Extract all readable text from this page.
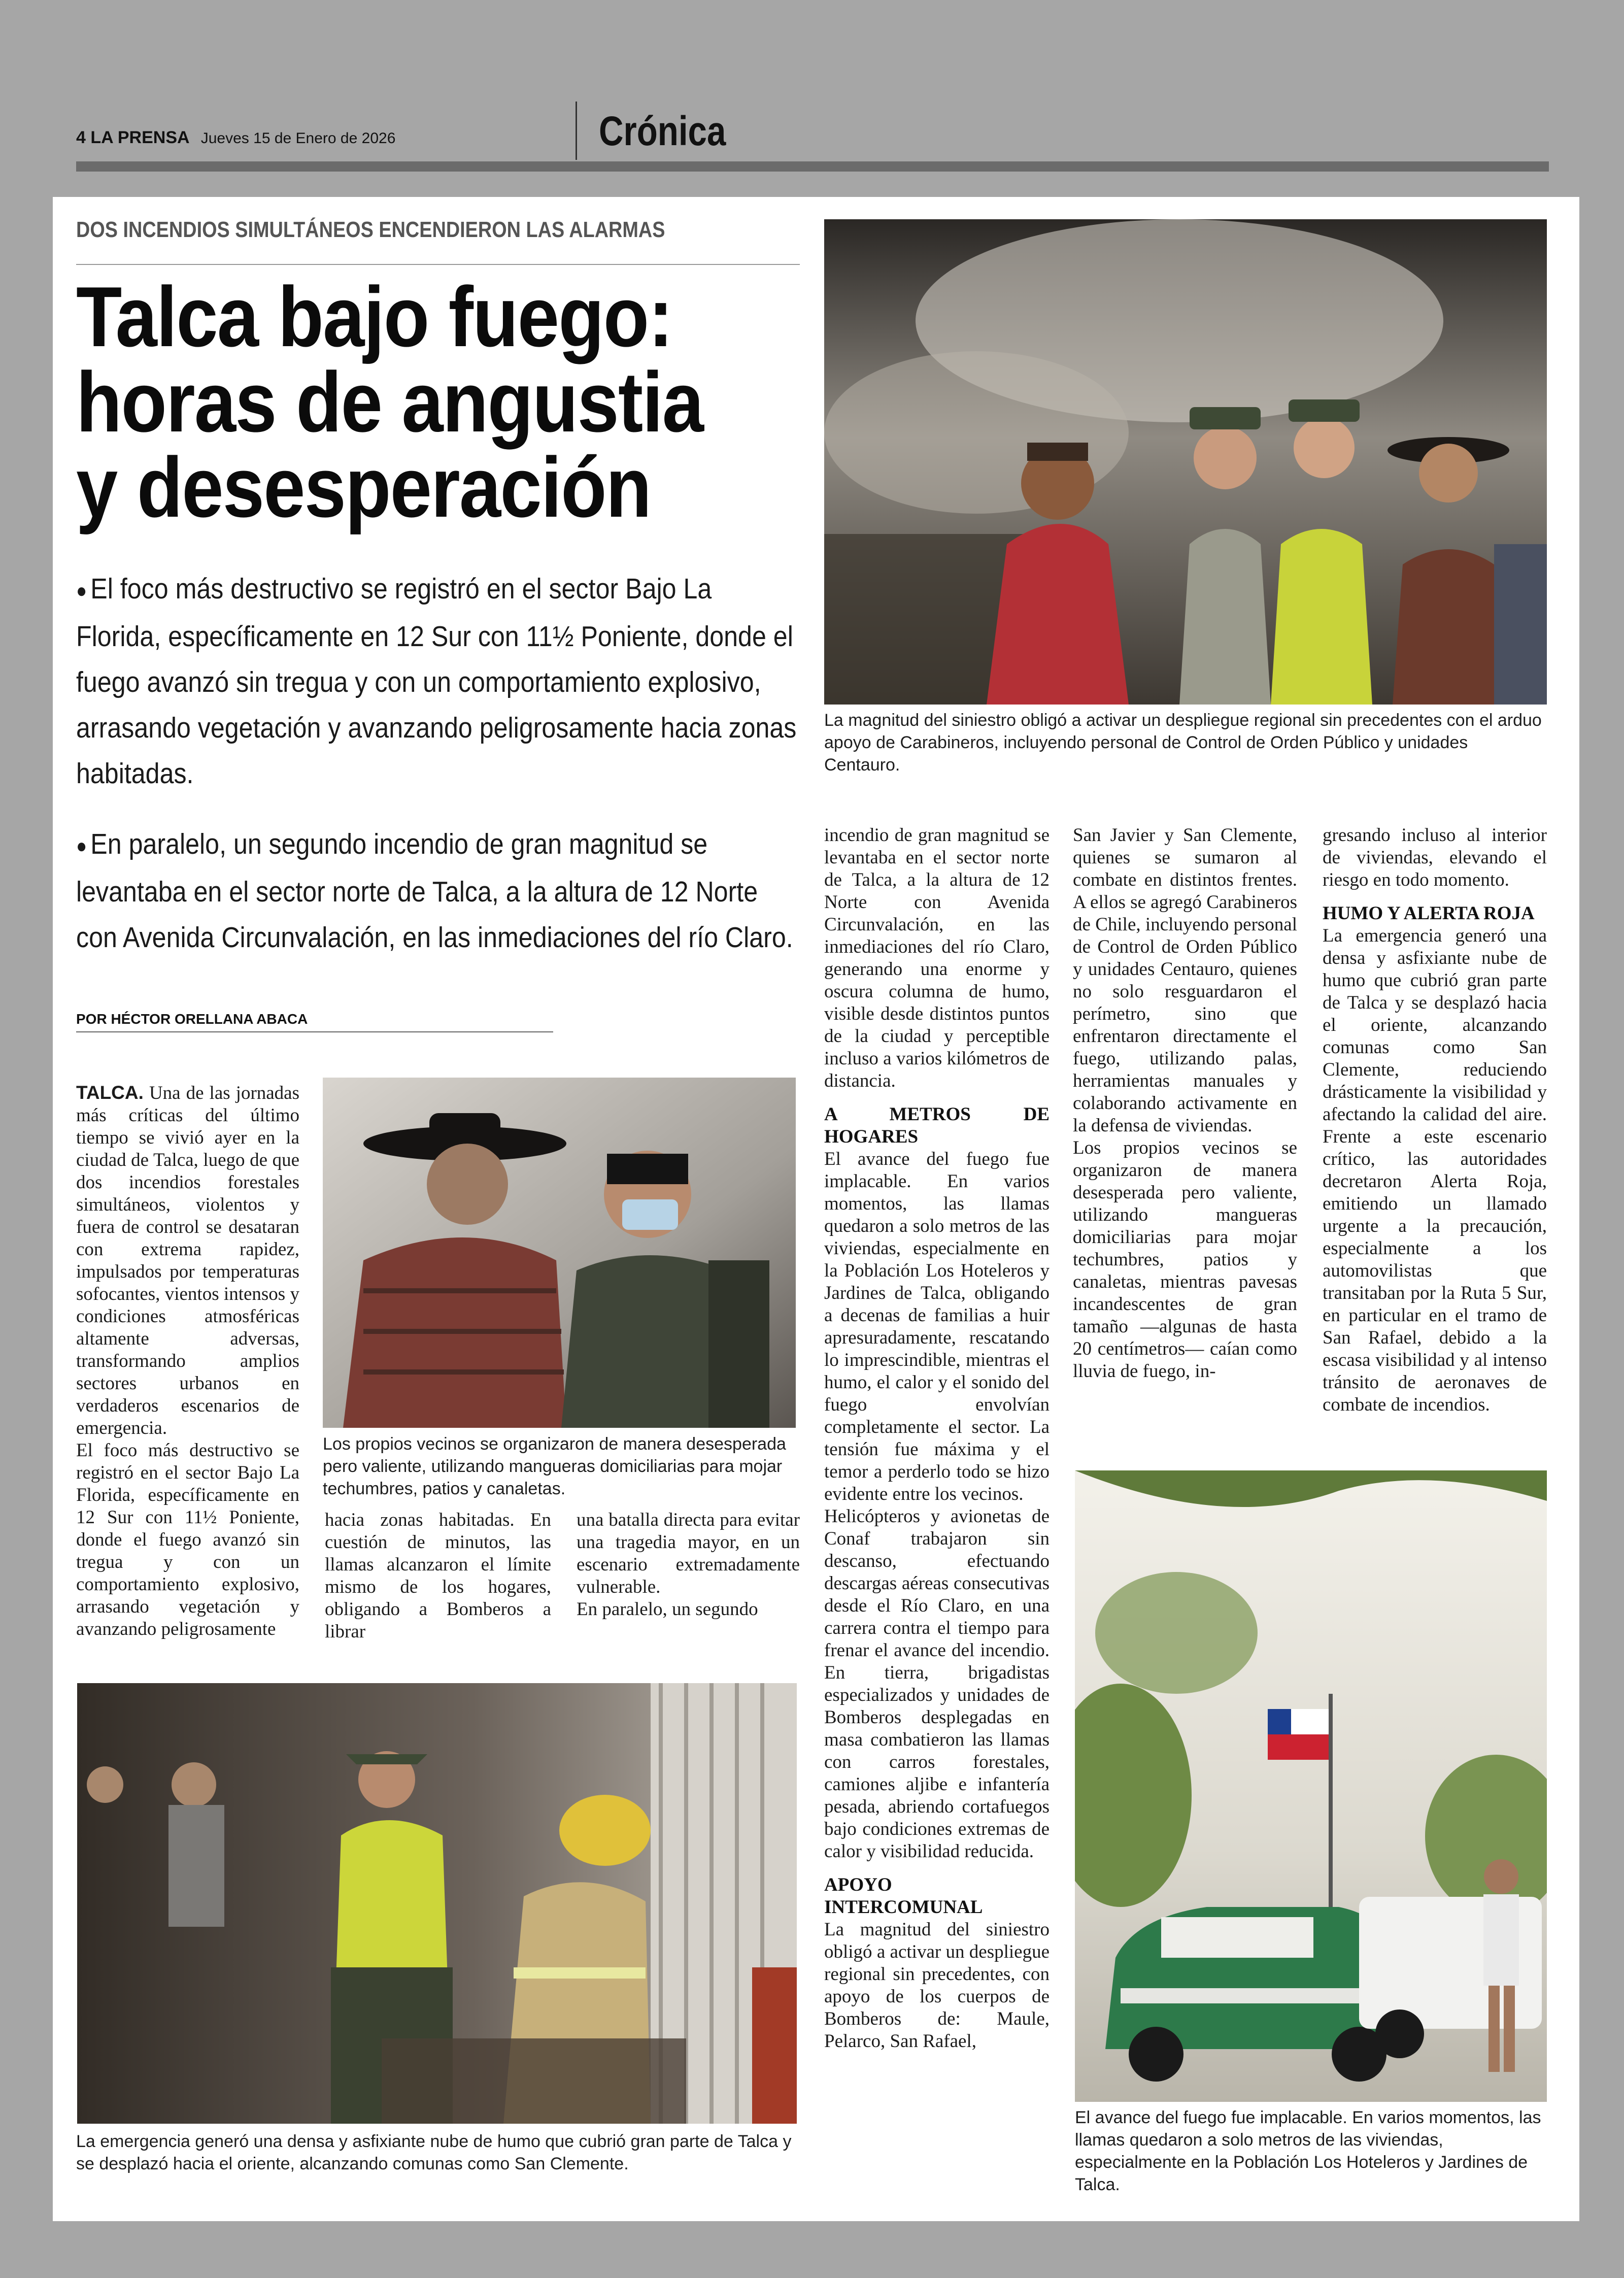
4 LA PRENSA Jueves 15 de Enero de 2026	Crónica
DOS INCENDIOS SIMULTÁNEOS ENCENDIERON LAS ALARMAS
Talca bajo fuego:
horas de angustia
y desesperación
● El foco más destructivo se registró en el sector Bajo La Florida, específicamente en 12 Sur con 11½ Poniente, donde el fuego avanzó sin tregua y con un comportamiento explosivo, arrasando vegetación y avanzando peligrosamente hacia zonas habitadas.
● En paralelo, un segundo incendio de gran magnitud se levantaba en el sector norte de Talca, a la altura de 12 Norte con Avenida Circunvalación, en las inmediaciones del río Claro.
POR HÉCTOR ORELLANA ABACA
La magnitud del siniestro obligó a activar un despliegue regional sin precedentes con el arduo apoyo de Carabineros, incluyendo personal de Control de Orden Público y unidades Centauro.
Los propios vecinos se organizaron de manera desesperada pero valiente, utilizando mangueras domiciliarias para mojar techumbres, patios y canaletas.
La emergencia generó una densa y asfixiante nube de humo que cubrió gran parte de Talca y se desplazó hacia el oriente, alcanzando comunas como San Clemente.
El avance del fuego fue implacable. En varios momentos, las llamas quedaron a solo metros de las viviendas, especialmente en la Población Los Hoteleros y Jardines de Talca.
TALCA. Una de las jornadas más críticas del último tiempo se vivió ayer en la ciudad de Talca, luego de que dos incendios forestales simultáneos, violentos y fuera de control se desataran con extrema rapidez, impulsados por temperaturas sofocantes, vientos intensos y condiciones atmosféricas altamente adversas, transformando amplios sectores urbanos en verdaderos escenarios de emergencia.
El foco más destructivo se registró en el sector Bajo La Florida, específicamente en 12 Sur con 11½ Poniente, donde el fuego avanzó sin tregua y con un comportamiento explosivo, arrasando vegetación y avanzando peligrosamente
hacia zonas habitadas. En cuestión de minutos, las llamas alcanzaron el límite mismo de los hogares, obligando a Bomberos a librar
una batalla directa para evitar una tragedia mayor, en un escenario extremadamente vulnerable.
En paralelo, un segundo
incendio de gran magnitud se levantaba en el sector norte de Talca, a la altura de 12 Norte con Avenida Circunvalación, en las inmediaciones del río Claro, generando una enorme y oscura columna de humo, visible desde distintos puntos de la ciudad y perceptible incluso a varios kilómetros de distancia.
A METROS DE HOGARES
El avance del fuego fue implacable. En varios momentos, las llamas quedaron a solo metros de las viviendas, especialmente en la Población Los Hoteleros y Jardines de Talca, obligando a decenas de familias a huir apresuradamente, rescatando lo imprescindible, mientras el humo, el calor y el sonido del fuego envolvían completamente el sector. La tensión fue máxima y el temor a perderlo todo se hizo evidente entre los vecinos.
Helicópteros y avionetas de Conaf trabajaron sin descanso, efectuando descargas aéreas consecutivas desde el Río Claro, en una carrera contra el tiempo para frenar el avance del incendio. En tierra, brigadistas especializados y unidades de Bomberos desplegadas en masa combatieron las llamas con carros forestales, camiones aljibe e infantería pesada, abriendo cortafuegos bajo condiciones extremas de calor y visibilidad reducida.
APOYO INTERCOMUNAL
La magnitud del siniestro obligó a activar un despliegue regional sin precedentes, con apoyo de los cuerpos de Bomberos de: Maule, Pelarco, San Rafael,
San Javier y San Clemente, quienes se sumaron al combate en distintos frentes. A ellos se agregó Carabineros de Chile, incluyendo personal de Control de Orden Público y unidades Centauro, quienes no solo resguardaron el perímetro, sino que enfrentaron directamente el fuego, utilizando palas, herramientas manuales y colaborando activamente en la defensa de viviendas.
Los propios vecinos se organizaron de manera desesperada pero valiente, utilizando mangueras domiciliarias para mojar techumbres, patios y canaletas, mientras pavesas incandescentes de gran tamaño —algunas de hasta 20 centímetros— caían como lluvia de fuego, in-
gresando incluso al interior de viviendas, elevando el riesgo en todo momento.
HUMO Y ALERTA ROJA
La emergencia generó una densa y asfixiante nube de humo que cubrió gran parte de Talca y se desplazó hacia el oriente, alcanzando comunas como San Clemente, reduciendo drásticamente la visibilidad y afectando la calidad del aire. Frente a este escenario crítico, las autoridades decretaron Alerta Roja, emitiendo un llamado urgente a la precaución, especialmente a los automovilistas que transitaban por la Ruta 5 Sur, en particular en el tramo de San Rafael, debido a la escasa visibilidad y al intenso tránsito de aeronaves de combate de incendios.
